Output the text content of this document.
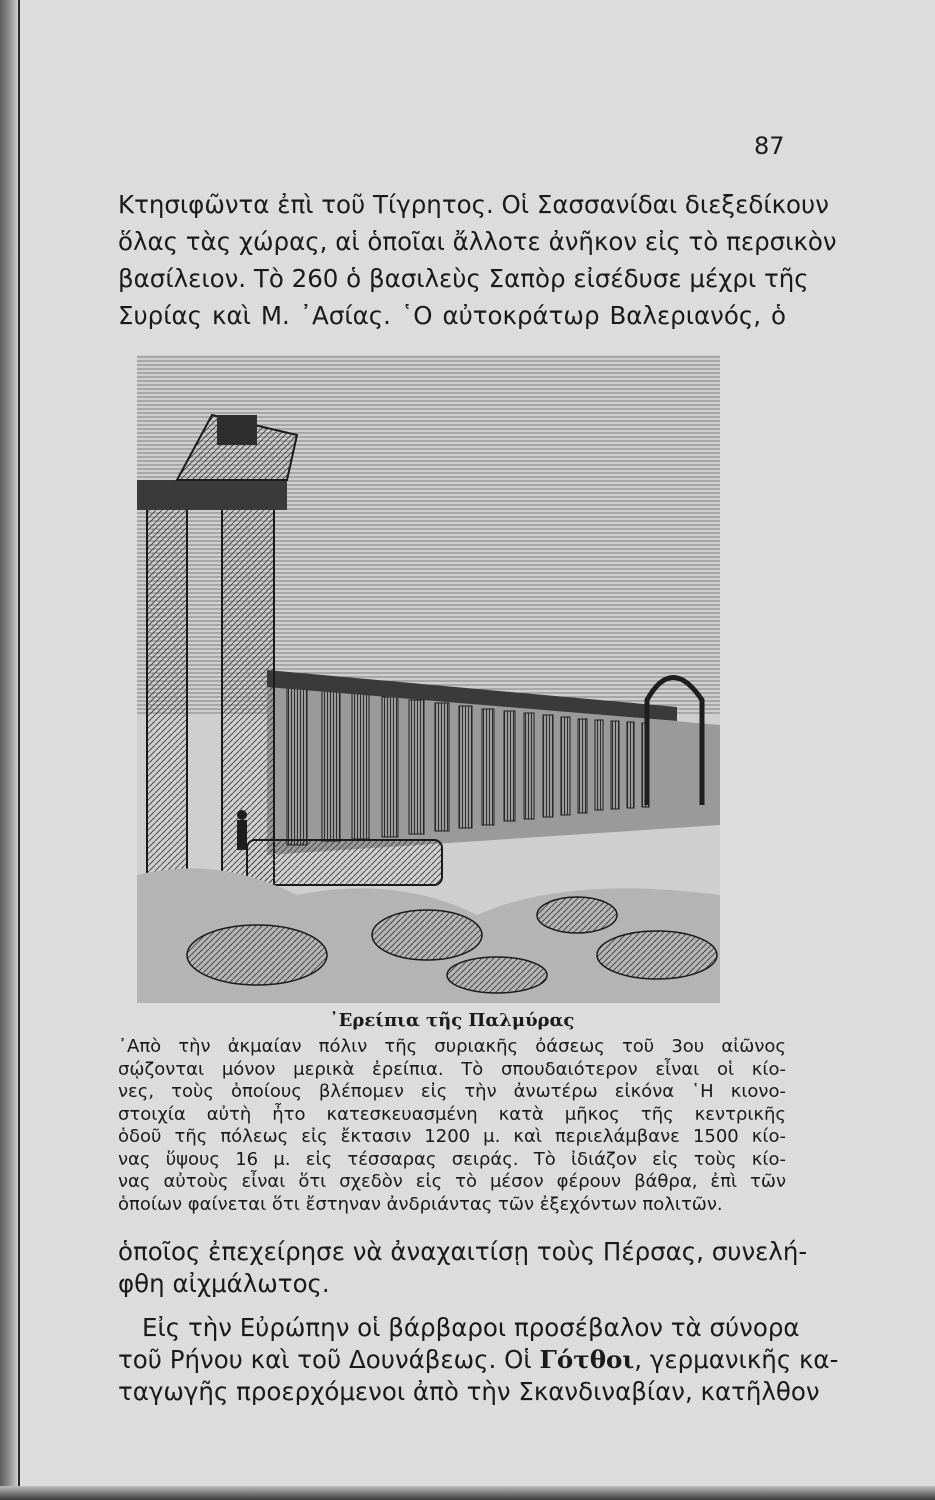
87
Κτησιφῶντα ἐπὶ τοῦ Τίγρητος. Οἱ Σασσανίδαι διεξεδίκουν
ὅλας τὰς χώρας, αἱ ὁποῖαι ἄλλοτε ἀνῆκον εἰς τὸ περσικὸν
βασίλειον. Τὸ 260 ὁ βασιλεὺς Σαπὸρ εἰσέδυσε μέχρι τῆς
Συρίας καὶ Μ. ᾿Ασίας. ῾Ο αὐτοκράτωρ Βαλεριανός, ὁ
᾿Ερείπια τῆς Παλμύρας
᾿Απὸ τὴν ἀκμαίαν πόλιν τῆς συριακῆς ὀάσεως τοῦ 3ου αἰῶνος
σῴζονται μόνον μερικὰ ἐρείπια. Τὸ σπουδαιότερον εἶναι οἱ κίο-
νες, τοὺς ὁποίους βλέπομεν εἰς τὴν ἀνωτέρω εἰκόνα ῾Η κιονο-
στοιχία αὐτὴ ἦτο κατεσκευασμένη κατὰ μῆκος τῆς κεντρικῆς
ὁδοῦ τῆς πόλεως εἰς ἔκτασιν 1200 μ. καὶ περιελάμβανε 1500 κίο-
νας ὕψους 16 μ. εἰς τέσσαρας σειράς. Τὸ ἰδιάζον εἰς τοὺς κίο-
νας αὐτοὺς εἶναι ὅτι σχεδὸν εἰς τὸ μέσον φέρουν βάθρα, ἐπὶ τῶν
ὁποίων φαίνεται ὅτι ἔστηναν ἀνδριάντας τῶν ἐξεχόντων πολιτῶν.
ὁποῖος ἐπεχείρησε νὰ ἀναχαιτίσῃ τοὺς Πέρσας, συνελή-
φθη αἰχμάλωτος.
Εἰς τὴν Εὐρώπην οἱ βάρβαροι προσέβαλον τὰ σύνορα
τοῦ Ρήνου καὶ τοῦ Δουνάβεως. Οἱ Γότθοι, γερμανικῆς κα-
ταγωγῆς προερχόμενοι ἀπὸ τὴν Σκανδιναβίαν, κατῆλθον
